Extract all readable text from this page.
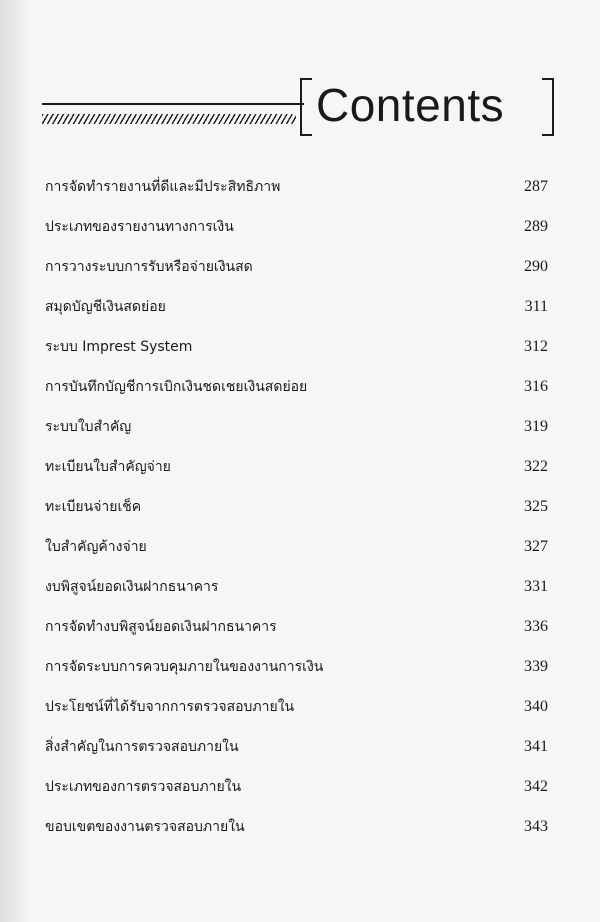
Contents
การจัดทำรายงานที่ดีและมีประสิทธิภาพ	287
ประเภทของรายงานทางการเงิน	289
การวางระบบการรับหรือจ่ายเงินสด	290
สมุดบัญชีเงินสดย่อย	311
ระบบ Imprest System	312
การบันทึกบัญชีการเบิกเงินชดเชยเงินสดย่อย	316
ระบบใบสำคัญ	319
ทะเบียนใบสำคัญจ่าย	322
ทะเบียนจ่ายเช็ค	325
ใบสำคัญค้างจ่าย	327
งบพิสูจน์ยอดเงินฝากธนาคาร	331
การจัดทำงบพิสูจน์ยอดเงินฝากธนาคาร	336
การจัดระบบการควบคุมภายในของงานการเงิน	339
ประโยชน์ที่ได้รับจากการตรวจสอบภายใน	340
สิ่งสำคัญในการตรวจสอบภายใน	341
ประเภทของการตรวจสอบภายใน	342
ขอบเขตของงานตรวจสอบภายใน	343
